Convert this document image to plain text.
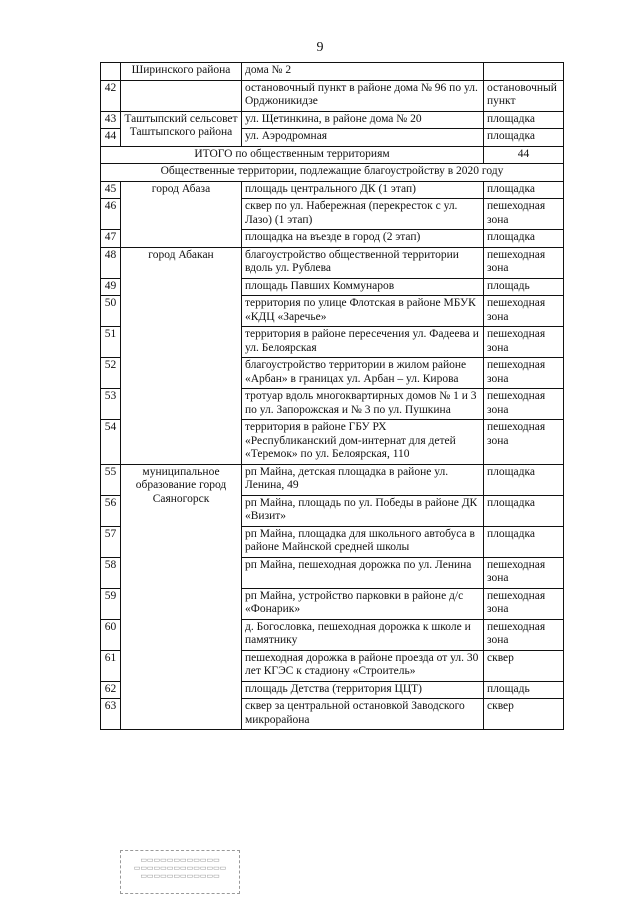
9
	Ширинского района	дома № 2	
42		остановочный пункт в районе дома № 96 по ул. Орджоникидзе	остановочный пункт
43	Таштыпский сельсовет Таштыпского района	ул. Щетинкина, в районе дома № 20	площадка
44		ул. Аэродромная	площадка
ИТОГО по общественным территориям			44
Общественные территории, подлежащие благоустройству в 2020 году			
45	город Абаза	площадь центрального ДК (1 этап)	площадка
46		сквер по ул. Набережная (перекресток с ул. Лазо) (1 этап)	пешеходная зона
47		площадка на въезде в город (2 этап)	площадка
48	город Абакан	благоустройство общественной территории вдоль ул. Рублева	пешеходная зона
49		площадь Павших Коммунаров	площадь
50		территория по улице Флотская в районе МБУК «КДЦ «Заречье»	пешеходная зона
51		территория в районе пересечения ул. Фадеева и ул. Белоярская	пешеходная зона
52		благоустройство территории в жилом районе «Арбан» в границах ул. Арбан – ул. Кирова	пешеходная зона
53		тротуар вдоль многоквартирных домов № 1 и 3 по ул. Запорожская и № 3 по ул. Пушкина	пешеходная зона
54		территория в районе ГБУ РХ «Республиканский дом-интернат для детей «Теремок» по ул. Белоярская, 110	пешеходная зона
55	муниципальное образование город Саяногорск	рп Майна, детская площадка в районе ул. Ленина, 49	площадка
56		рп Майна, площадь по ул. Победы в районе ДК «Визит»	площадка
57		рп Майна, площадка для школьного автобуса в районе Майнской средней школы	площадка
58		рп Майна, пешеходная дорожка по ул. Ленина	пешеходная зона
59		рп Майна, устройство парковки в районе д/с «Фонарик»	пешеходная зона
60		д. Богословка, пешеходная дорожка к школе и памятнику	пешеходная зона
61		пешеходная дорожка в районе проезда от ул. 30 лет КГЭС к стадиону «Строитель»	сквер
62		площадь Детства (территория ЦЦТ)	площадь
63		сквер за центральной остановкой Заводского микрорайона	сквер
▭▭▭▭▭▭▭▭▭▭▭▭
▭▭▭▭▭▭▭▭▭▭▭▭▭▭
▭▭▭▭▭▭▭▭▭▭▭▭
